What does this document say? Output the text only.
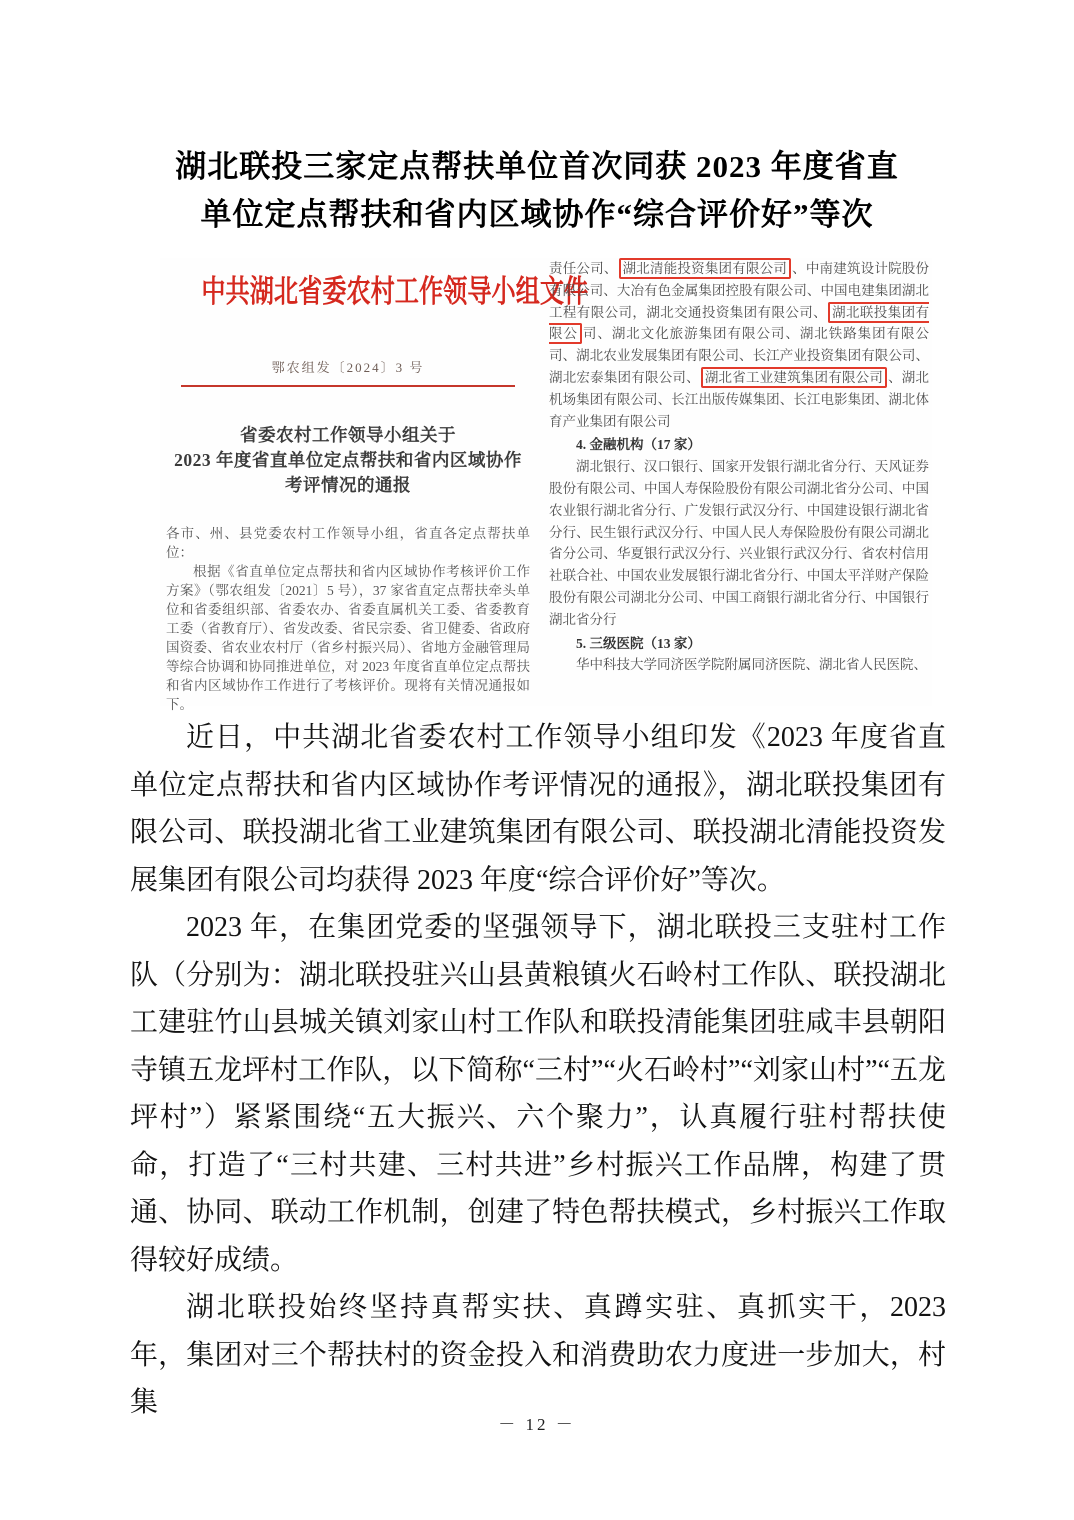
湖北联投三家定点帮扶单位首次同获 2023 年度省直
单位定点帮扶和省内区域协作“综合评价好”等次
中共湖北省委农村工作领导小组文件
鄂农组发〔2024〕3 号
省委农村工作领导小组关于
2023 年度省直单位定点帮扶和省内区域协作
考评情况的通报

各市、州、县党委农村工作领导小组，省直各定点帮扶单位：

根据《省直单位定点帮扶和省内区域协作考核评价工作方案》（鄂农组发〔2021〕5 号），37 家省直定点帮扶牵头单位和省委组织部、省委农办、省委直属机关工委、省委教育工委（省教育厅）、省发改委、省民宗委、省卫健委、省政府国资委、省农业农村厅（省乡村振兴局）、省地方金融管理局等综合协调和协同推进单位，对 2023 年度省直单位定点帮扶和省内区域协作工作进行了考核评价。现将有关情况通报如下。

责任公司、 湖北清能投资集团有限公司 、中南建筑设计院股份有限公司、大冶有色金属集团控股有限公司、中国电建集团湖北工程有限公司，湖北交通投资集团有限公司、 湖北联投集团有限公 司、湖北文化旅游集团有限公司、湖北铁路集团有限公司、湖北农业发展集团有限公司、长江产业投资集团有限公司、湖北宏泰集团有限公司、 湖北省工业建筑集团有限公司 、湖北机场集团有限公司、长江出版传媒集团、长江电影集团、湖北体育产业集团有限公司

4. 金融机构（17 家）

湖北银行、汉口银行、国家开发银行湖北省分行、天风证券股份有限公司、中国人寿保险股份有限公司湖北省分公司、中国农业银行湖北省分行、广发银行武汉分行、中国建设银行湖北省分行、民生银行武汉分行、中国人民人寿保险股份有限公司湖北省分公司、华夏银行武汉分行、兴业银行武汉分行、省农村信用社联合社、中国农业发展银行湖北省分行、中国太平洋财产保险股份有限公司湖北分公司、中国工商银行湖北省分行、中国银行湖北省分行

5. 三级医院（13 家）

华中科技大学同济医学院附属同济医院、湖北省人民医院、

近日，中共湖北省委农村工作领导小组印发《2023 年度省直单位定点帮扶和省内区域协作考评情况的通报》，湖北联投集团有限公司、联投湖北省工业建筑集团有限公司、联投湖北清能投资发展集团有限公司均获得 2023 年度“综合评价好”等次。

2023 年，在集团党委的坚强领导下，湖北联投三支驻村工作队（分别为：湖北联投驻兴山县黄粮镇火石岭村工作队、联投湖北工建驻竹山县城关镇刘家山村工作队和联投清能集团驻咸丰县朝阳寺镇五龙坪村工作队，以下简称“三村”“火石岭村”“刘家山村”“五龙坪村”）紧紧围绕“五大振兴、六个聚力”，认真履行驻村帮扶使命，打造了“三村共建、三村共进”乡村振兴工作品牌，构建了贯通、协同、联动工作机制，创建了特色帮扶模式，乡村振兴工作取得较好成绩。

湖北联投始终坚持真帮实扶、真蹲实驻、真抓实干，2023 年，集团对三个帮扶村的资金投入和消费助农力度进一步加大，村集

－ 12 －
